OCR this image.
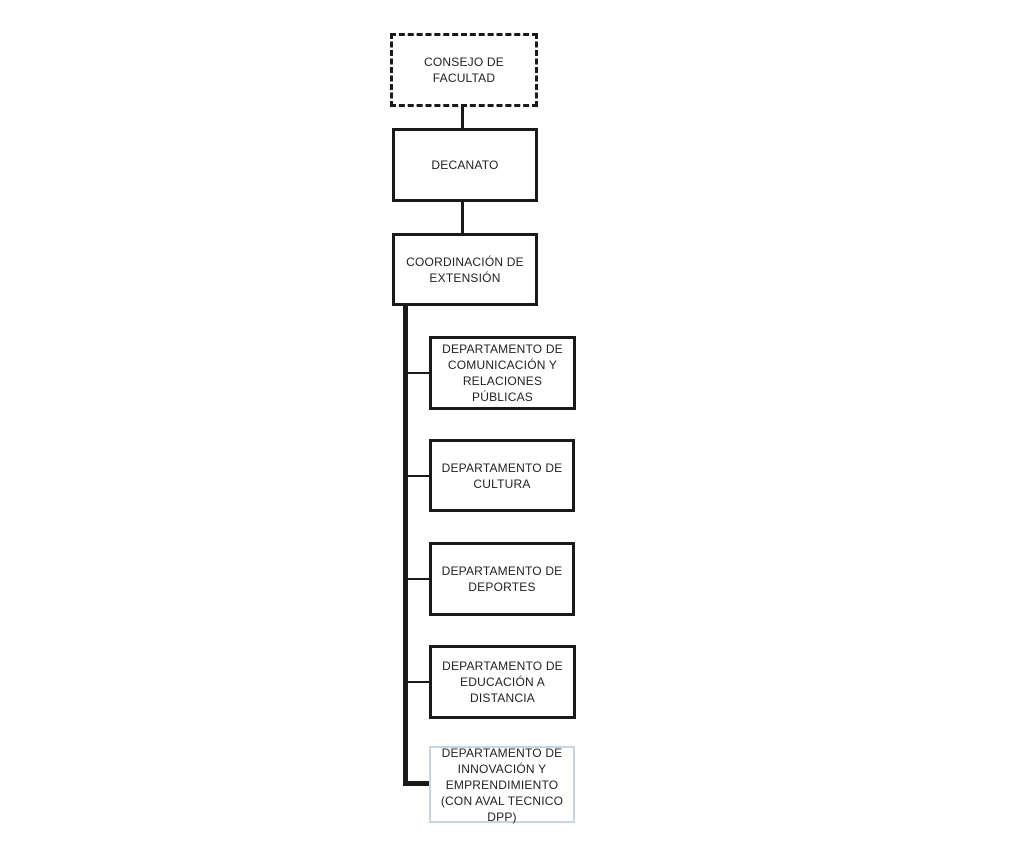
CONSEJO DE FACULTAD
DECANATO
COORDINACIÓN DE EXTENSIÓN
DEPARTAMENTO DE COMUNICACIÓN Y RELACIONES PÚBLICAS
DEPARTAMENTO DE CULTURA
DEPARTAMENTO DE DEPORTES
DEPARTAMENTO DE EDUCACIÓN A DISTANCIA
DEPARTAMENTO DE INNOVACIÓN Y EMPRENDIMIENTO (CON AVAL TECNICO DPP)
